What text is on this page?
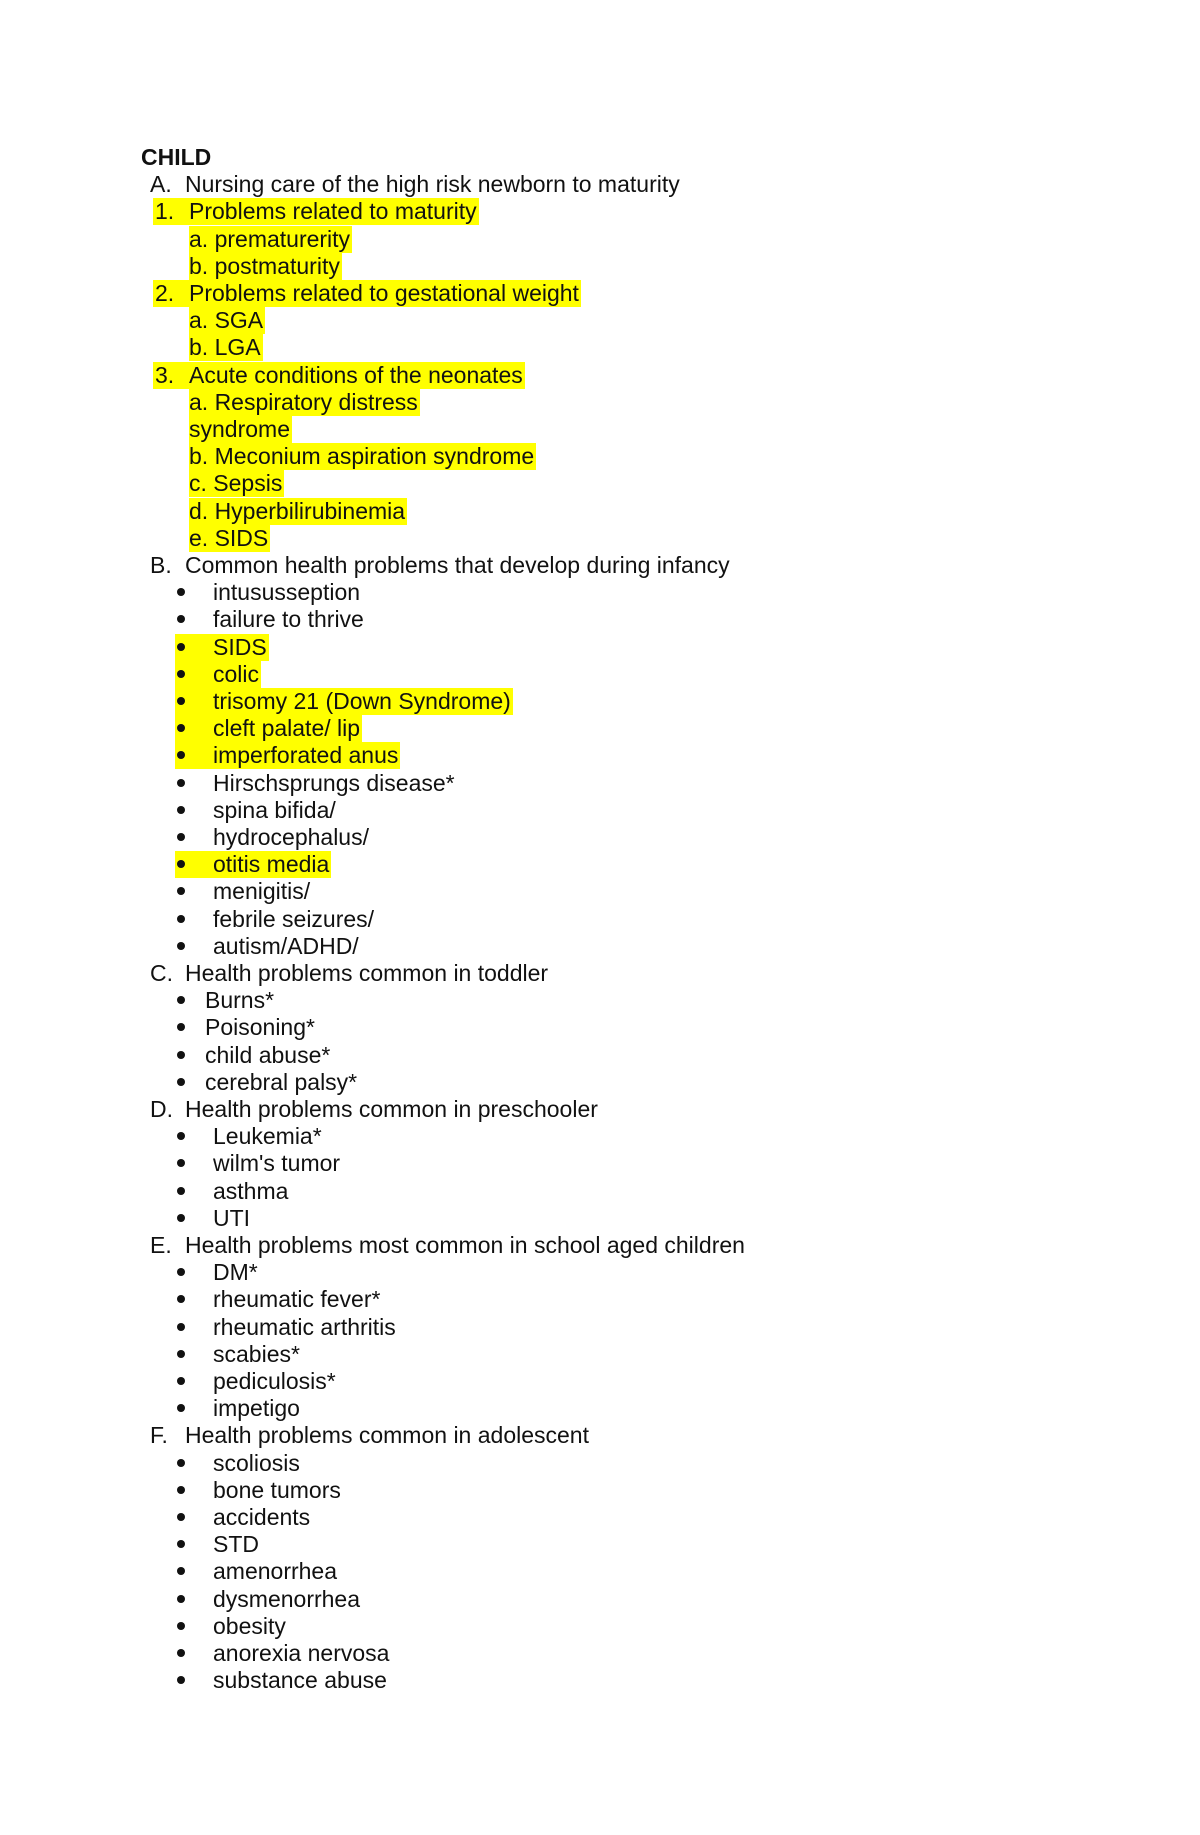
CHILD
A. Nursing care of the high risk newborn to maturity
1. Problems related to maturity
a. prematurerity
b. postmaturity
2. Problems related to gestational weight
a. SGA
b. LGA
3. Acute conditions of the neonates
a. Respiratory distress
syndrome
b. Meconium aspiration syndrome
c. Sepsis
d. Hyperbilirubinemia
e. SIDS
B. Common health problems that develop during infancy
intususseption
failure to thrive
SIDS
colic
trisomy 21 (Down Syndrome)
cleft palate/ lip
imperforated anus
Hirschsprungs disease*
spina bifida/
hydrocephalus/
otitis media
menigitis/
febrile seizures/
autism/ADHD/
C. Health problems common in toddler
Burns*
Poisoning*
child abuse*
cerebral palsy*
D. Health problems common in preschooler
Leukemia*
wilm's tumor
asthma
UTI
E. Health problems most common in school aged children
DM*
rheumatic fever*
rheumatic arthritis
scabies*
pediculosis*
impetigo
F. Health problems common in adolescent
scoliosis
bone tumors
accidents
STD
amenorrhea
dysmenorrhea
obesity
anorexia nervosa
substance abuse
